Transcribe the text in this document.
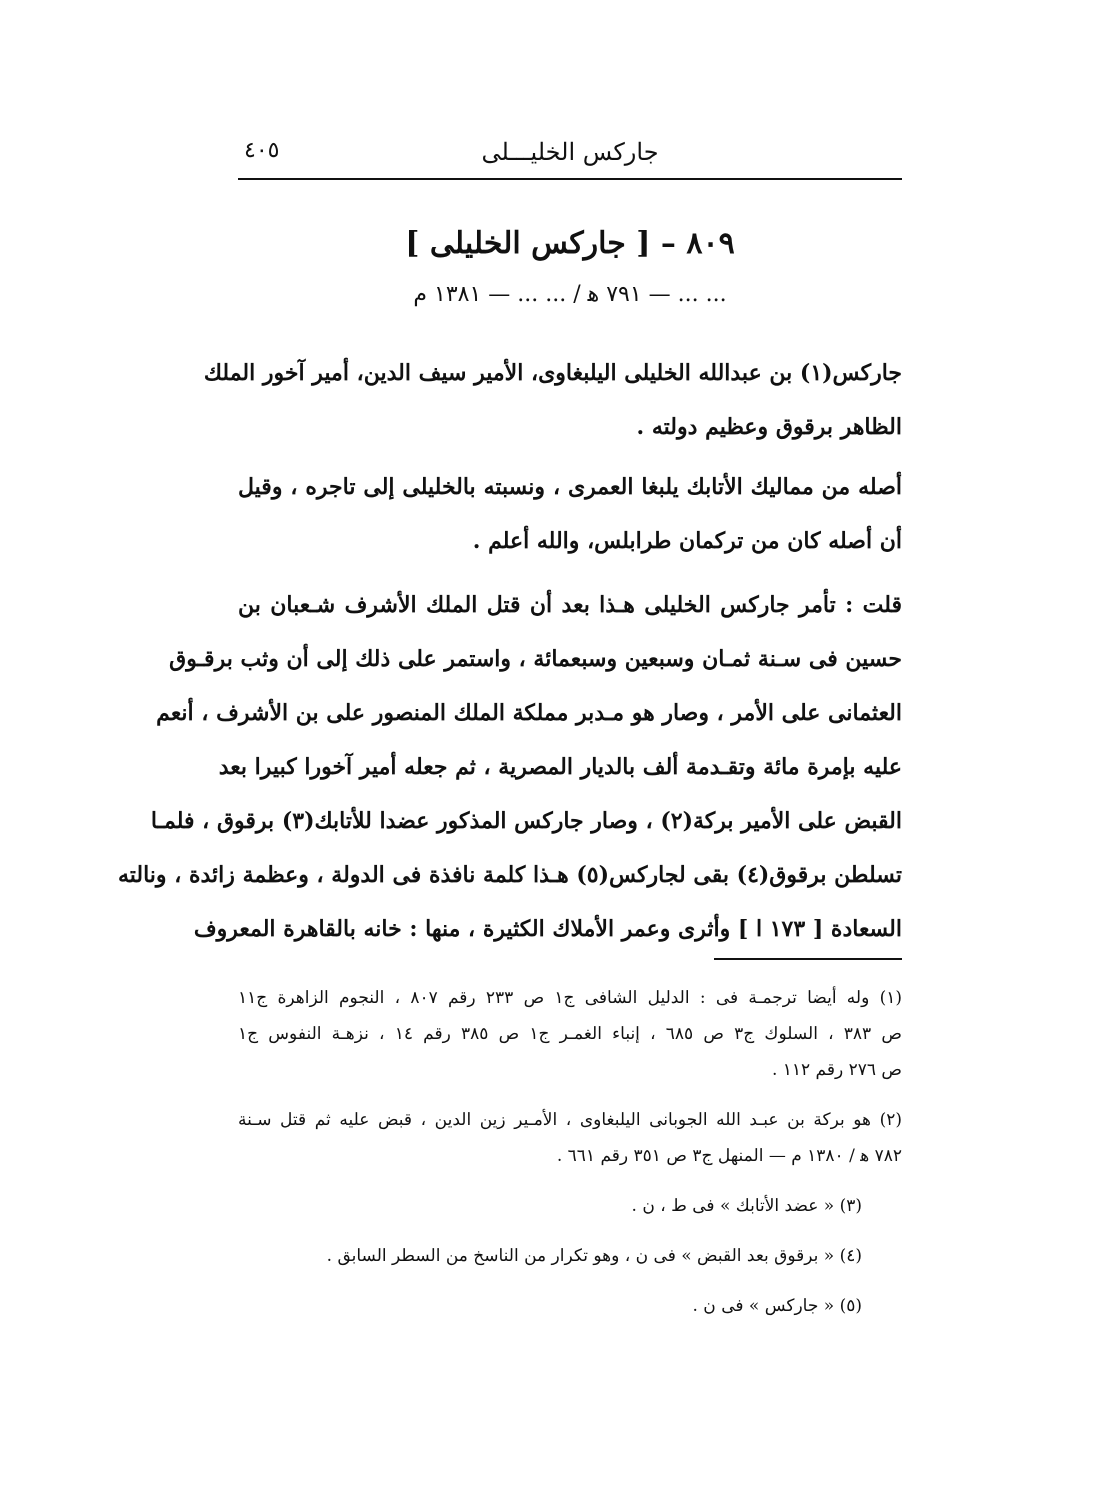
٤٠٥	جاركس الخليـــلى
٨٠٩ – [ جاركس الخليلى ]
... ... — ٧٩١ ﻫ / ... ... — ١٣٨١ م
جاركس(١) بن عبدالله الخليلى اليلبغاوى، الأمير سيف الدين، أمير آخور الملك
الظاهر برقوق وعظيم دولته .
أصله من مماليك الأتابك يلبغا العمرى ، ونسبته بالخليلى إلى تاجره ، وقيل
أن أصله كان من تركمان طرابلس، والله أعلم .
قلت : تأمر جاركس الخليلى هـذا بعد أن قتل الملك الأشرف شـعبان بن
حسين فى سـنة ثمـان وسبعين وسبعمائة ، واستمر على ذلك إلى أن وثب برقـوق
العثمانى على الأمر ، وصار هو مـدبر مملكة الملك المنصور على بن الأشرف ، أنعم
عليه بإمرة مائة وتقـدمة ألف بالديار المصرية ، ثم جعله أمير آخورا كبيرا بعد
القبض على الأمير بركة(٢) ، وصار جاركس المذكور عضدا للأتابك(٣) برقوق ، فلمـا
تسلطن برقوق(٤) بقى لجاركس(٥) هـذا كلمة نافذة فى الدولة ، وعظمة زائدة ، ونالته
السعادة [ ١٧٣ ا ] وأثرى وعمر الأملاك الكثيرة ، منها : خانه بالقاهرة المعروف
(١) وله أيضا ترجمـة فى : الدليل الشافى ج١ ص ٢٣٣ رقم ٨٠٧ ، النجوم الزاهرة ج١١
ص ٣٨٣ ، السلوك ج٣ ص ٦٨٥ ، إنباء الغمـر ج١ ص ٣٨٥ رقم ١٤ ، نزهـة النفوس ج١
ص ٢٧٦ رقم ١١٢ .
(٢) هو بركة بن عبـد الله الجوبانى اليلبغاوى ، الأمـير زين الدين ، قبض عليه ثم قتل سـنة
٧٨٢ ﻫ / ١٣٨٠ م — المنهل ج٣ ص ٣٥١ رقم ٦٦١ .
(٣) « عضد الأتابك » فى ط ، ن .
(٤) « برقوق بعد القبض » فى ن ، وهو تكرار من الناسخ من السطر السابق .
(٥) « جاركس » فى ن .
